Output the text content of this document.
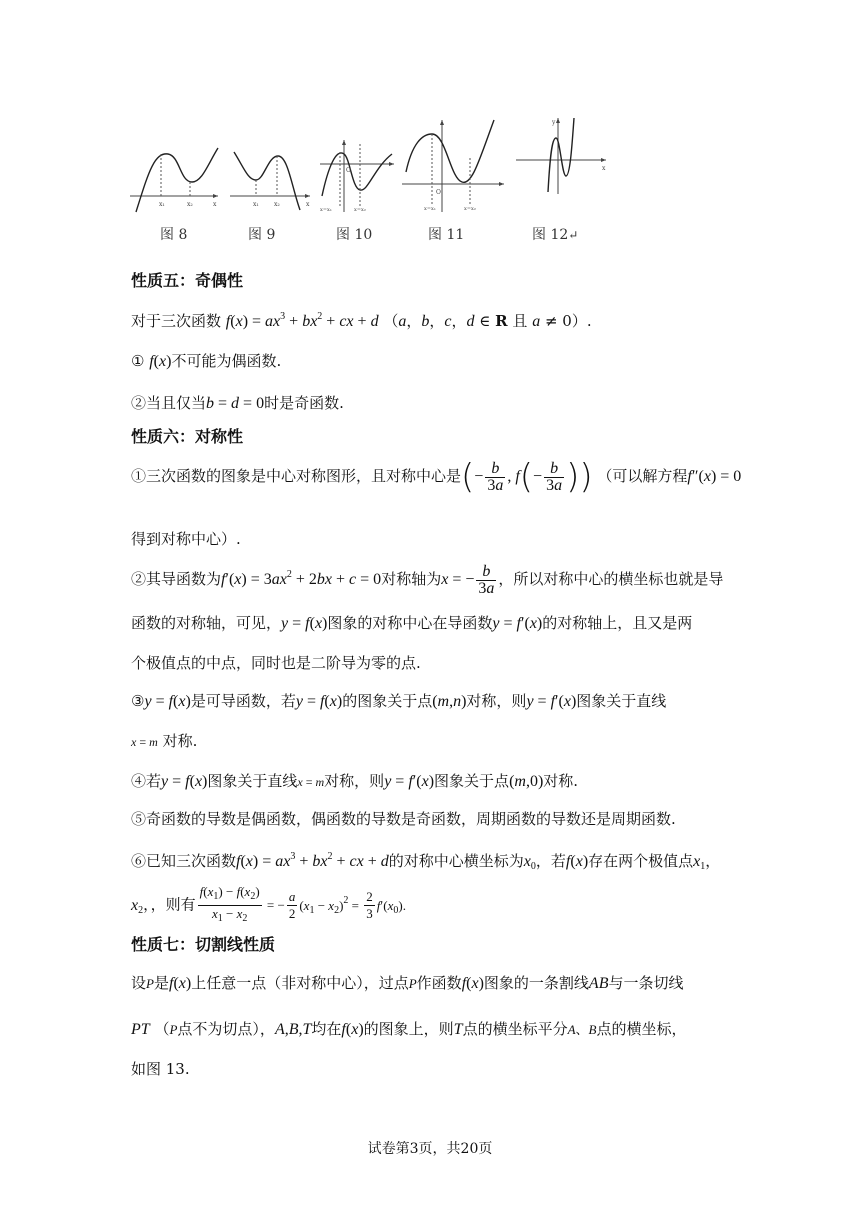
x₁	x₂	x	x₁	x₂	x
O
x=x₁	x=x₂
O
x=x₁	x=x₂
y
x
图 8	图 9	图 10	图 11	图 12↵
性质五：奇偶性
对于三次函数 $f(x) = ax^3 + bx^2$ + cx + d （a，b，c，d ∈ R 且 a ≠ 0）.
① f(x)不可能为偶函数.
②当且仅当b = d = 0时是奇函数.
性质六：对称性
①三次函数的图象是中心对称图形，且对称中心是(− $\frac{b}{3a}$ , $f(- \frac{b}{3a}$ )) （可以解方程f″(x) = 0
得到对称中心）.
②其导函数为$f'(x) = 3ax^2 + 2bx + c = 0$对称轴为x = − $\frac{b}{3a}$ ，所以对称中心的横坐标也就是导
函数的对称轴，可见，y = f(x)图象的对称中心在导函数y = f′(x)的对称轴上，且又是两
个极值点的中点，同时也是二阶导为零的点.
③y = f(x)是可导函数，若y = f(x)的图象关于点(m,n)对称，则y = f′(x)图象关于直线
x = m 对称.
④若y = f(x)图象关于直线x = m对称，则y = f′(x)图象关于点(m,0)对称.
⑤奇函数的导数是偶函数，偶函数的导数是奇函数，周期函数的导数还是周期函数.
⑥已知三次函数$f(x) = ax^3 + bx^2$ + cx + d的对称中心横坐标为$x_0$，若f(x)存在两个极值点$x_1$，
$x_2$，，则有 $\frac{f(x_1) - f(x_2)}{x_1 - x_2}$ = − $\frac{a}{2} (x_1 - x_2)^2 = \frac{2}{3} f'(x_0)$.
性质七：切割线性质
设P是f(x)上任意一点（非对称中心），过点P作函数f(x)图象的一条割线AB与一条切线
PT （P点不为切点），A,B,T均在f(x)的图象上，则T点的横坐标平分A、B点的横坐标，
如图 13.
试卷第3页，共20页
